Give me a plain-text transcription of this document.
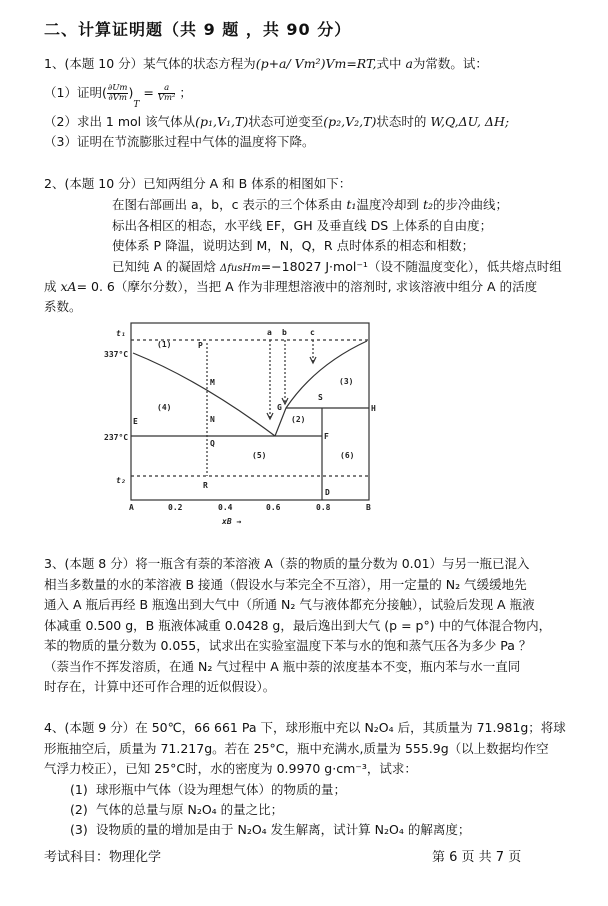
二、计算证明题（共 9 题 ，共 90 分）
1、(本题 10 分）某气体的状态方程为(p+a/ Vm²)Vm=RT,式中 a为常数。试：
（1）证明( $\frac{\partial Um}{\partial Vm} )_T = \frac{a}{\text{Vm²}}$ ；
（2）求出 1 mol 该气体从(p₁,V₁,T)状态可逆变至(p₂,V₂,T)状态时的 W,Q,ΔU, ΔH;
（3）证明在节流膨胀过程中气体的温度将下降。
2、(本题 10 分）已知两组分 A 和 B 体系的相图如下：
在图右部画出 a，b，c 表示的三个体系由 t₁温度冷却到 t₂的步冷曲线；
标出各相区的相态，水平线 EF，GH 及垂直线 DS 上体系的自由度；
使体系 P 降温，说明达到 M，N，Q，R 点时体系的相态和相数；
已知纯 A 的凝固焓 ΔfusHm=−18027 J·mol⁻¹（设不随温度变化），低共熔点时组
成 xA= 0. 6（摩尔分数），当把 A 作为非理想溶液中的溶剂时, 求该溶液中组分 A 的活度
系数。
t₁
337°C
237°C
t₂
(1)
(2)
(3)
(4)
(5)	(6)
P
M
N
Q
R
E
F
G	H
S
D
a b	c
A	0.2	0.4	0.6	0.8	B
xB →
3、(本题 8 分）将一瓶含有萘的苯溶液 A（萘的物质的量分数为 0.01）与另一瓶已混入
相当多数量的水的苯溶液 B 接通（假设水与苯完全不互溶），用一定量的 N₂ 气缓缓地先
通入 A 瓶后再经 B 瓶逸出到大气中（所通 N₂ 气与液体都充分接触），试验后发现 A 瓶液
体减重 0.500 g，B 瓶液体减重 0.0428 g，最后逸出到大气 (p = p°) 中的气体混合物内，
苯的物质的量分数为 0.055，试求出在实验室温度下苯与水的饱和蒸气压各为多少 Pa ？
（萘当作不挥发溶质，在通 N₂ 气过程中 A 瓶中萘的浓度基本不变，瓶内苯与水一直同
时存在，计算中还可作合理的近似假设）。
4、(本题 9 分）在 50℃，66 661 Pa 下，球形瓶中充以 N₂O₄ 后，其质量为 71.981g；将球
形瓶抽空后，质量为 71.217g。若在 25°C，瓶中充满水,质量为 555.9g（以上数据均作空
气浮力校正），已知 25°C时，水的密度为 0.9970 g·cm⁻³，试求：
(1) 球形瓶中气体（设为理想气体）的物质的量；
(2) 气体的总量与原 N₂O₄ 的量之比；
(3) 设物质的量的增加是由于 N₂O₄ 发生解离，试计算 N₂O₄ 的解离度；
考试科目：物理化学	第 6 页 共 7 页
